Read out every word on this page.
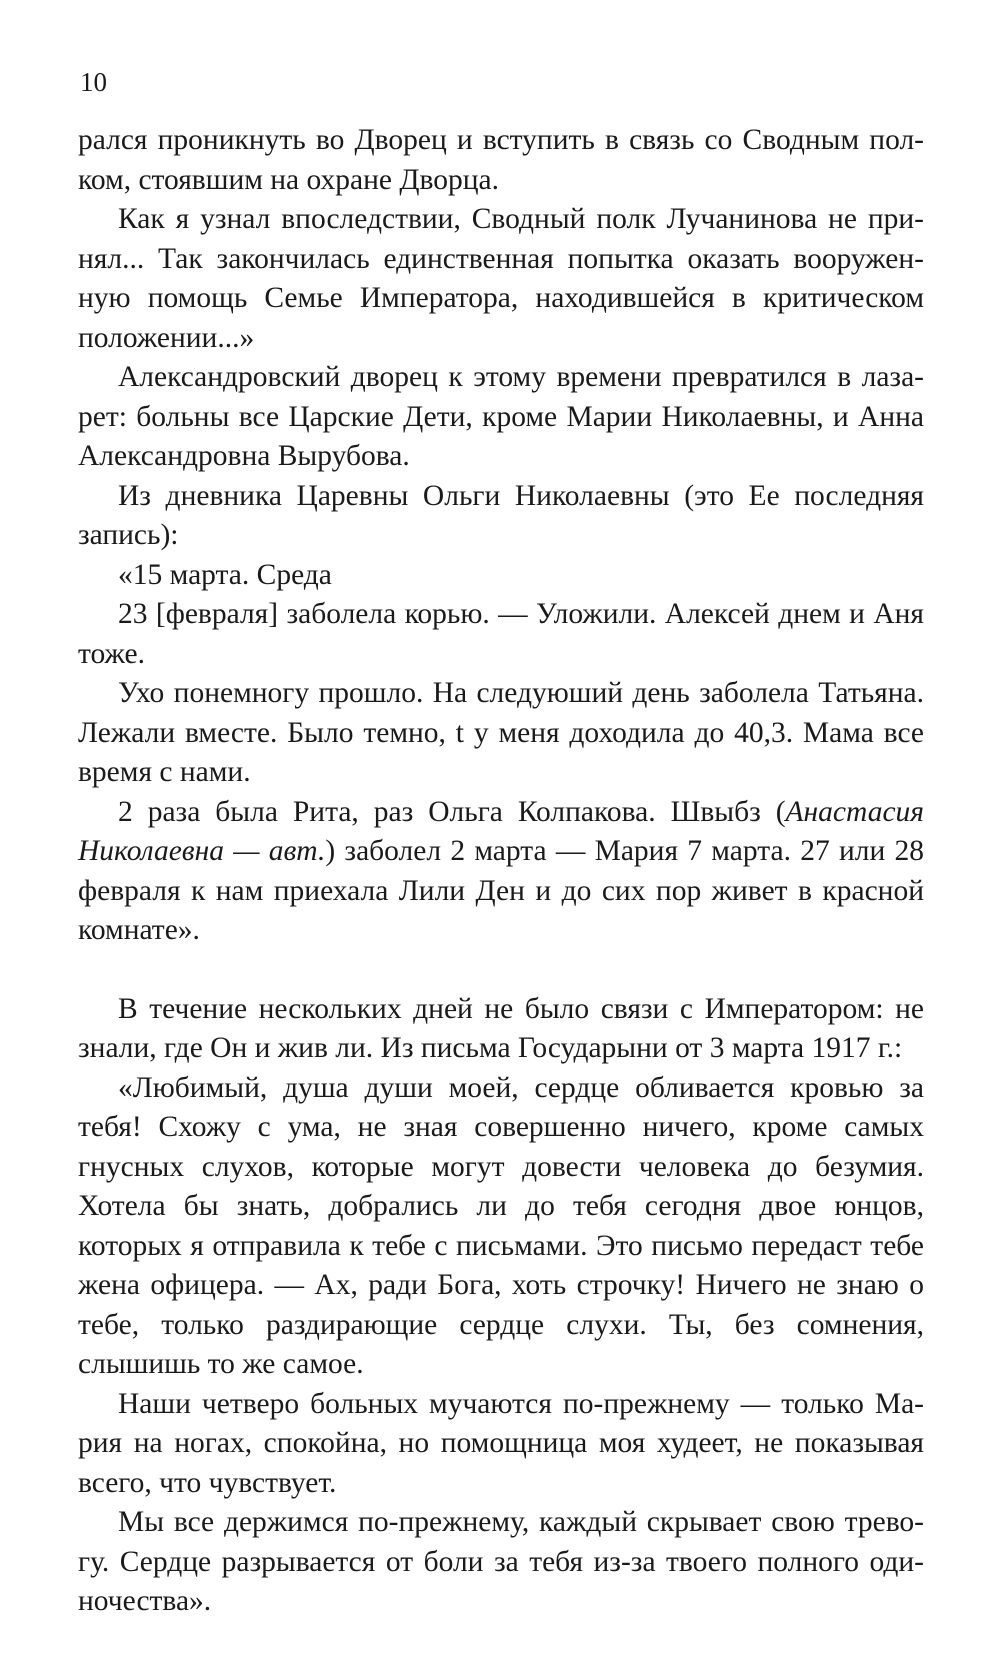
10

рался проникнуть во Дворец и вступить в связь со Сводным полком, стоявшим на охране Дворца.

Как я узнал впоследствии, Сводный полк Лучанинова не принял... Так закончилась единственная попытка оказать вооруженную помощь Семье Императора, находившейся в критическом положении...»

Александровский дворец к этому времени превратился в лазарет: больны все Царские Дети, кроме Марии Николаевны, и Анна Александровна Вырубова.

Из дневника Царевны Ольги Николаевны (это Ее последняя запись):

«15 марта. Среда

23 [февраля] заболела корью. — Уложили. Алексей днем и Аня тоже.

Ухо понемногу прошло. На следуюший день заболела Татьяна. Лежали вместе. Было темно, t у меня доходила до 40,3. Мама все время с нами.

2 раза была Рита, раз Ольга Колпакова. Швыбз (Анастасия Николаевна — авт.) заболел 2 марта — Мария 7 марта. 27 или 28 февраля к нам приехала Лили Ден и до сих пор живет в красной комнате».

В течение нескольких дней не было связи с Императором: не знали, где Он и жив ли. Из письма Государыни от 3 марта 1917 г.:

«Любимый, душа души моей, сердце обливается кровью за тебя! Схожу с ума, не зная совершенно ничего, кроме самых гнусных слухов, которые могут довести человека до безумия. Хотела бы знать, добрались ли до тебя сегодня двое юнцов, которых я отправила к тебе с письмами. Это письмо передаст тебе жена офицера. — Ах, ради Бога, хоть строчку! Ничего не знаю о тебе, только раздирающие сердце слухи. Ты, без сомнения, слышишь то же самое.

Наши четверо больных мучаются по-прежнему — только Мария на ногах, спокойна, но помощница моя худеет, не показывая всего, что чувствует.

Мы все держимся по-прежнему, каждый скрывает свою тревогу. Сердце разрывается от боли за тебя из-за твоего полного одиночества».
